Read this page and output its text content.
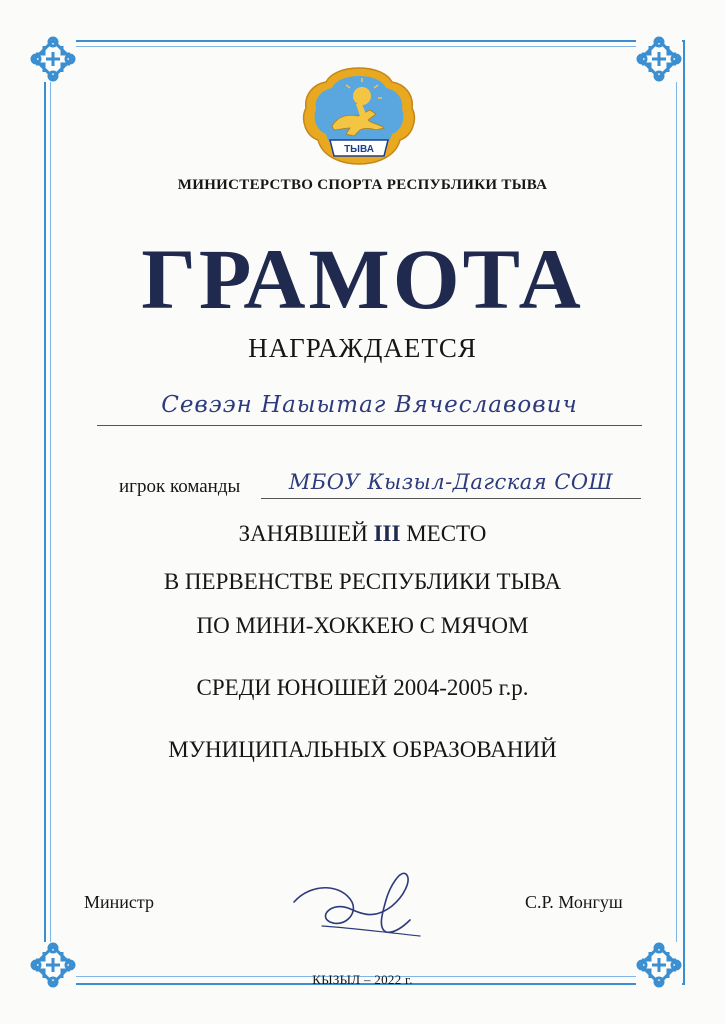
ТЫВА
МИНИСТЕРСТВО СПОРТА РЕСПУБЛИКИ ТЫВА
ГРАМОТА
НАГРАЖДАЕТСЯ
Севээн Наыытаг Вячеславович
игрок команды	МБОУ Кызыл-Дагская СОШ
ЗАНЯВШЕЙ III МЕСТО
В ПЕРВЕНСТВЕ РЕСПУБЛИКИ ТЫВА
ПО МИНИ-ХОККЕЮ С МЯЧОМ
СРЕДИ ЮНОШЕЙ 2004-2005 г.р.
МУНИЦИПАЛЬНЫХ ОБРАЗОВАНИЙ
Министр	С.Р. Монгуш
КЫЗЫЛ – 2022 г.
